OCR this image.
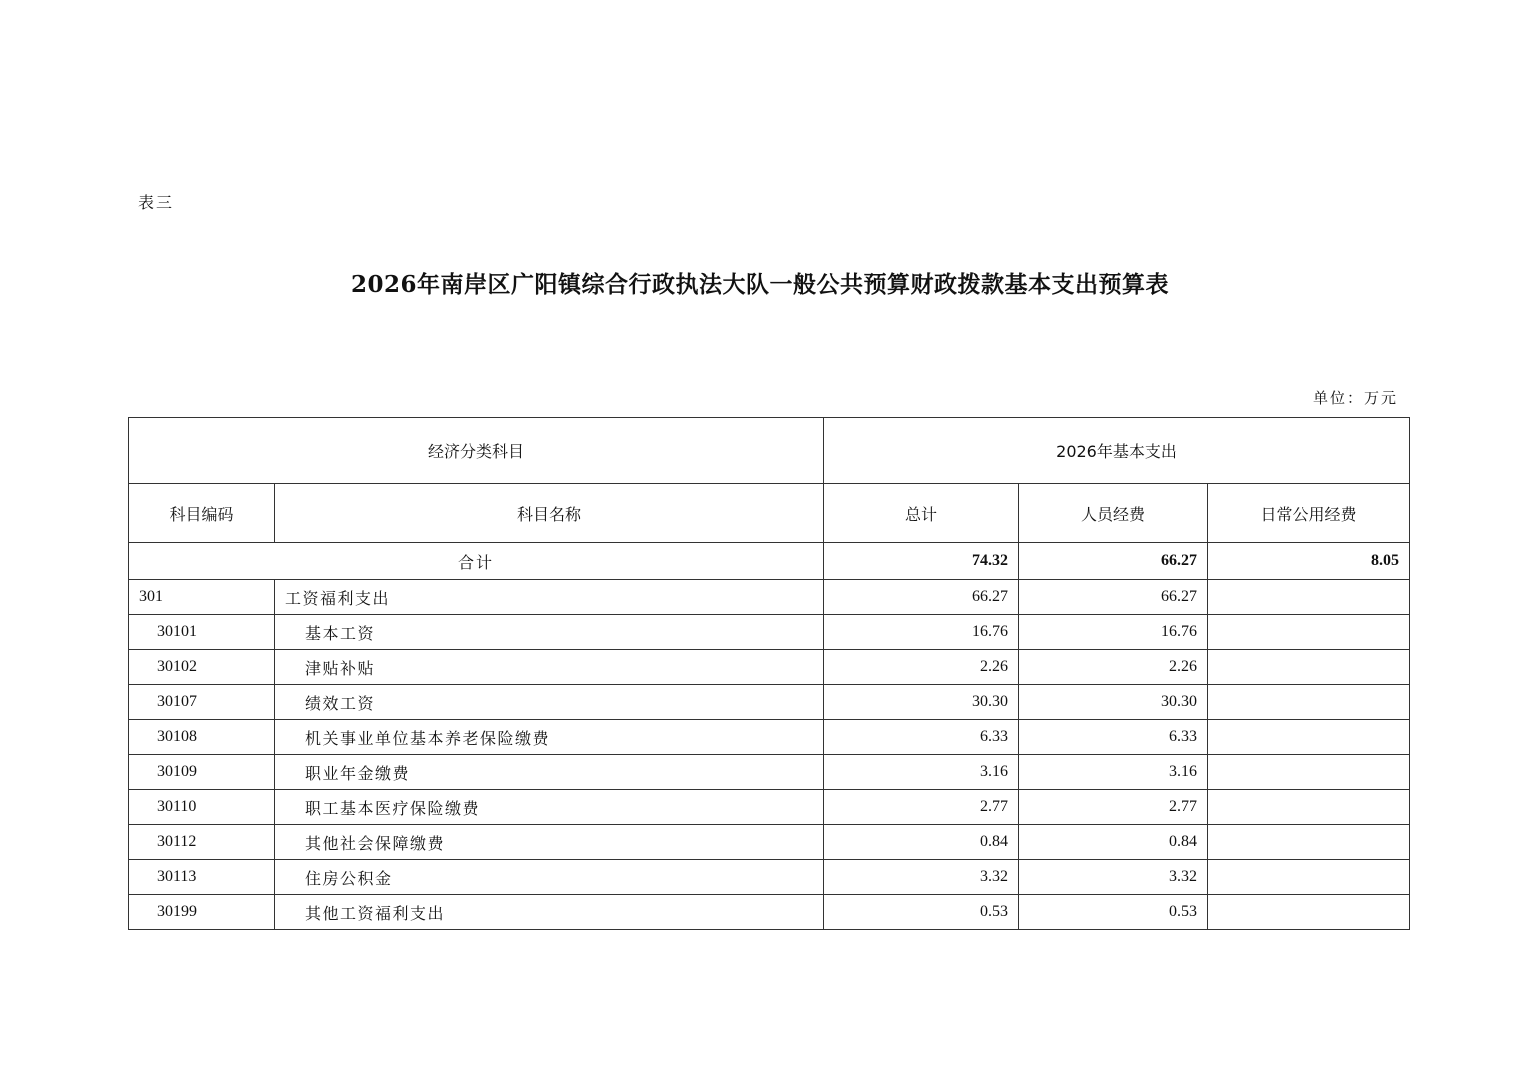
表三
2026年南岸区广阳镇综合行政执法大队一般公共预算财政拨款基本支出预算表
单位：万元
经济分类科目		2026年基本支出		
科目编码	科目名称	总计	人员经费	日常公用经费
合计		74.32	66.27	8.05
301	工资福利支出	66.27	66.27	
30101	基本工资	16.76	16.76	
30102	津贴补贴	2.26	2.26	
30107	绩效工资	30.30	30.30	
30108	机关事业单位基本养老保险缴费	6.33	6.33	
30109	职业年金缴费	3.16	3.16	
30110	职工基本医疗保险缴费	2.77	2.77	
30112	其他社会保障缴费	0.84	0.84	
30113	住房公积金	3.32	3.32	
30199	其他工资福利支出	0.53	0.53	
